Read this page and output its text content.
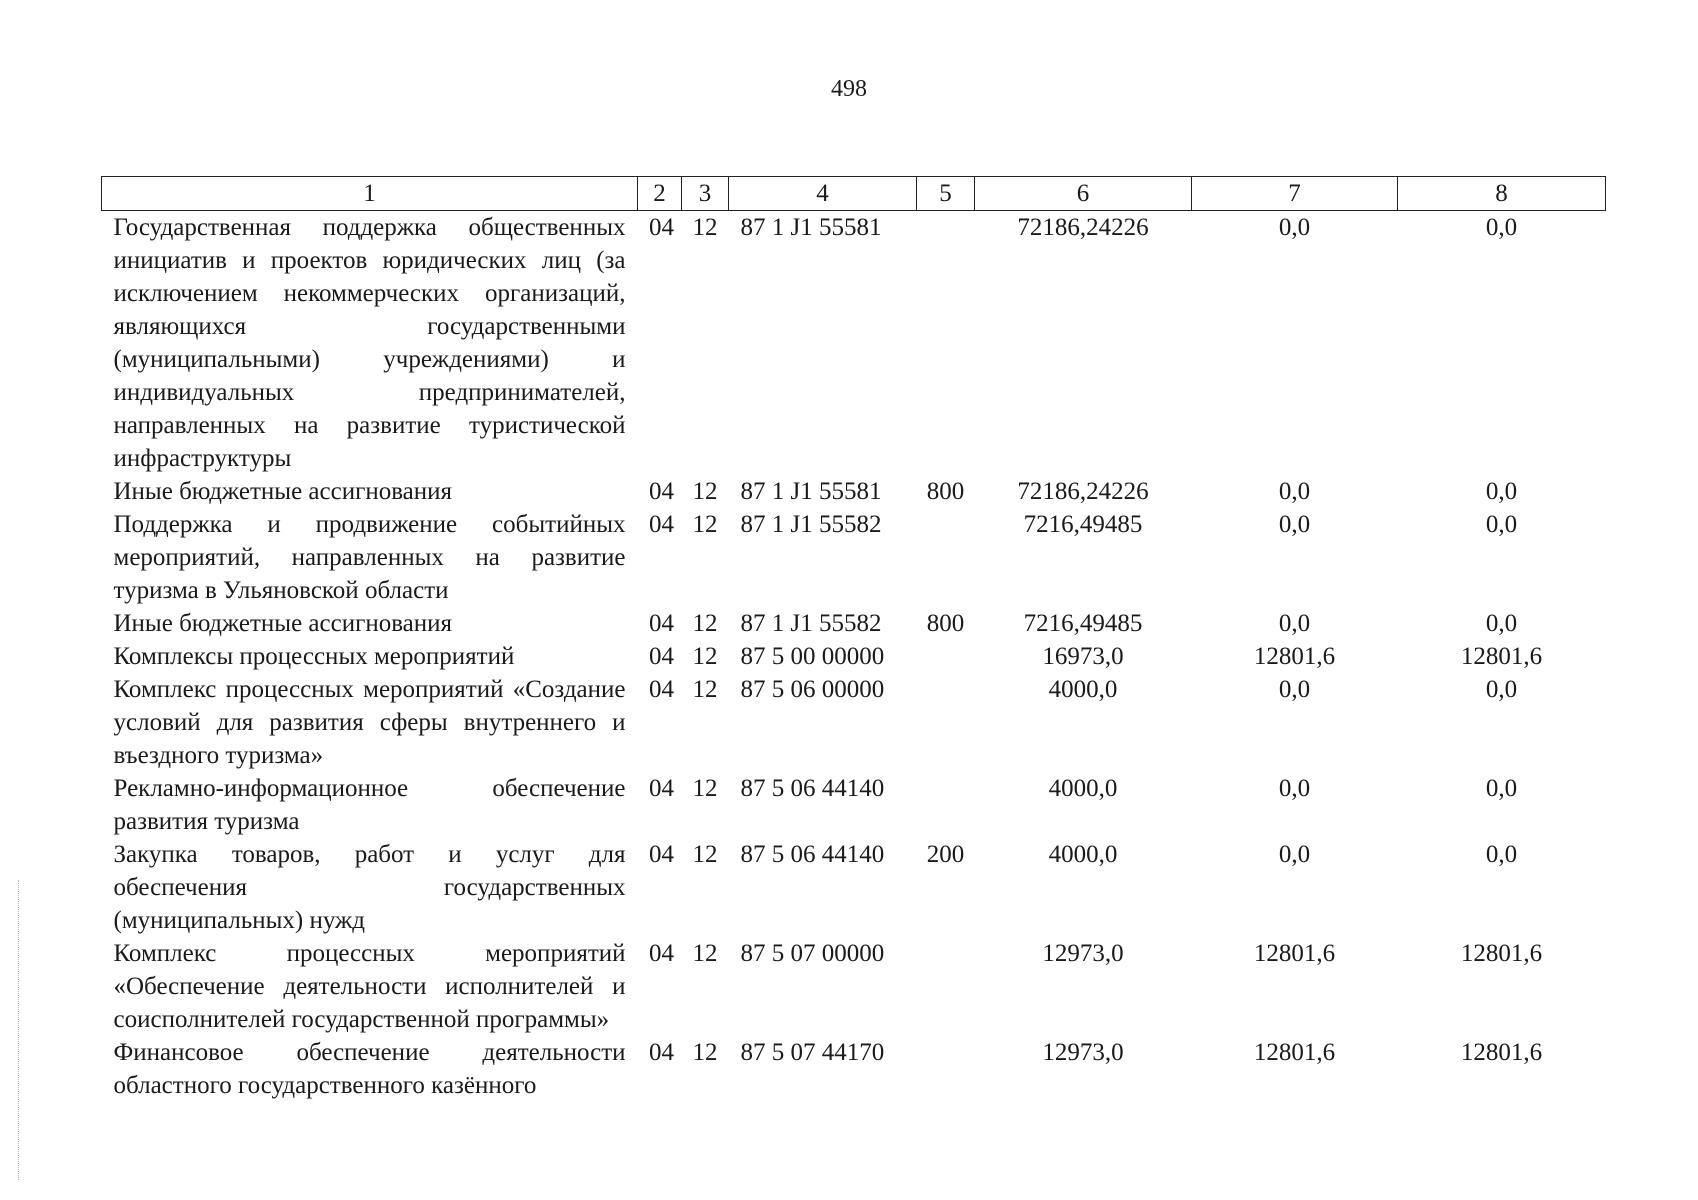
498
1	2	3	4	5	6	7	8
Государственная поддержка общественных инициатив и проектов юридических лиц (за исключением некоммерческих организаций, являющихся государственными (муниципальными) учреждениями) и индивидуальных предпринимателей, направленных на развитие туристической инфраструктуры	04	12	87 1 J1 55581		72186,24226	0,0	0,0
Иные бюджетные ассигнования	04	12	87 1 J1 55581	800	72186,24226	0,0	0,0
Поддержка и продвижение событийных мероприятий, направленных на развитие туризма в Ульяновской области	04	12	87 1 J1 55582		7216,49485	0,0	0,0
Иные бюджетные ассигнования	04	12	87 1 J1 55582	800	7216,49485	0,0	0,0
Комплексы процессных мероприятий	04	12	87 5 00 00000		16973,0	12801,6	12801,6
Комплекс процессных мероприятий «Создание условий для развития сферы внутреннего и въездного туризма»	04	12	87 5 06 00000		4000,0	0,0	0,0
Рекламно-информационное обеспечение развития туризма	04	12	87 5 06 44140		4000,0	0,0	0,0
Закупка товаров, работ и услуг для обеспечения государственных (муниципальных) нужд	04	12	87 5 06 44140	200	4000,0	0,0	0,0
Комплекс процессных мероприятий «Обеспечение деятельности исполнителей и соисполнителей государственной программы»	04	12	87 5 07 00000		12973,0	12801,6	12801,6
Финансовое обеспечение деятельности областного государственного казённого	04	12	87 5 07 44170		12973,0	12801,6	12801,6
